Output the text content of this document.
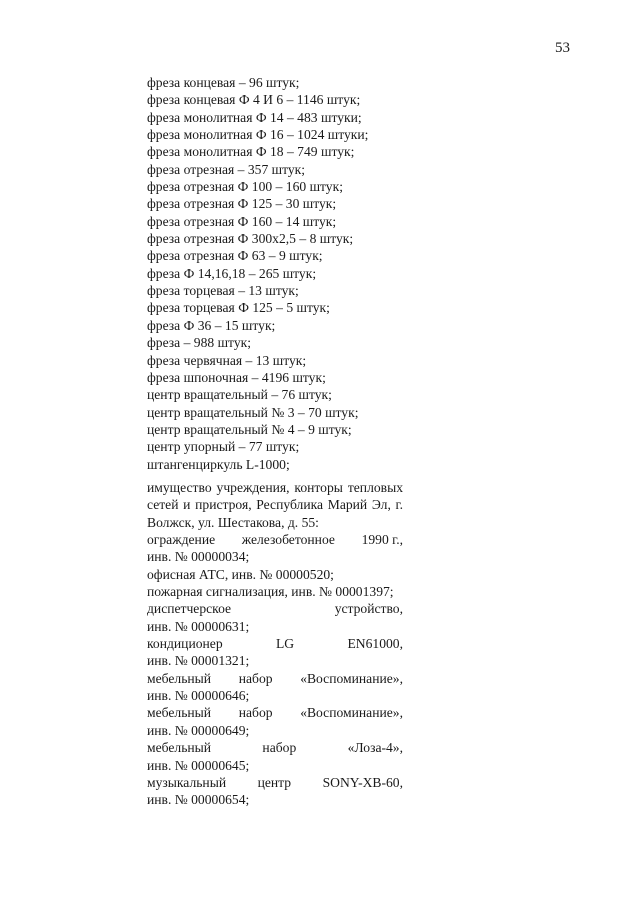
53
фреза концевая – 96 штук;
фреза концевая Ф 4 И 6 – 1146 штук;
фреза монолитная Ф 14 – 483 штуки;
фреза монолитная Ф 16 – 1024 штуки;
фреза монолитная Ф 18 – 749 штук;
фреза отрезная – 357 штук;
фреза отрезная Ф 100 – 160 штук;
фреза отрезная Ф 125 – 30 штук;
фреза отрезная Ф 160 – 14 штук;
фреза отрезная Ф 300х2,5 – 8 штук;
фреза отрезная Ф 63 – 9 штук;
фреза Ф 14,16,18 – 265 штук;
фреза торцевая – 13 штук;
фреза торцевая Ф 125 – 5 штук;
фреза Ф 36 – 15 штук;
фреза – 988 штук;
фреза червячная – 13 штук;
фреза шпоночная – 4196 штук;
центр вращательный – 76 штук;
центр вращательный № 3 – 70 штук;
центр вращательный № 4 – 9 штук;
центр упорный – 77 штук;
штангенциркуль L-1000;
имущество учреждения, конторы тепловых сетей и пристроя, Республика Марий Эл, г. Волжск, ул. Шестакова, д. 55:
ограждение железобетонное 1990 г.,
инв. № 00000034;
офисная АТС, инв. № 00000520;
пожарная сигнализация, инв. № 00001397;
диспетчерское	устройство,
инв. № 00000631;
кондиционер	LG	EN61000,
инв. № 00001321;
мебельный набор «Воспоминание»,
инв. № 00000646;
мебельный набор «Воспоминание»,
инв. № 00000649;
мебельный	набор	«Лоза-4»,
инв. № 00000645;
музыкальный центр SONY-XB-60,
инв. № 00000654;
